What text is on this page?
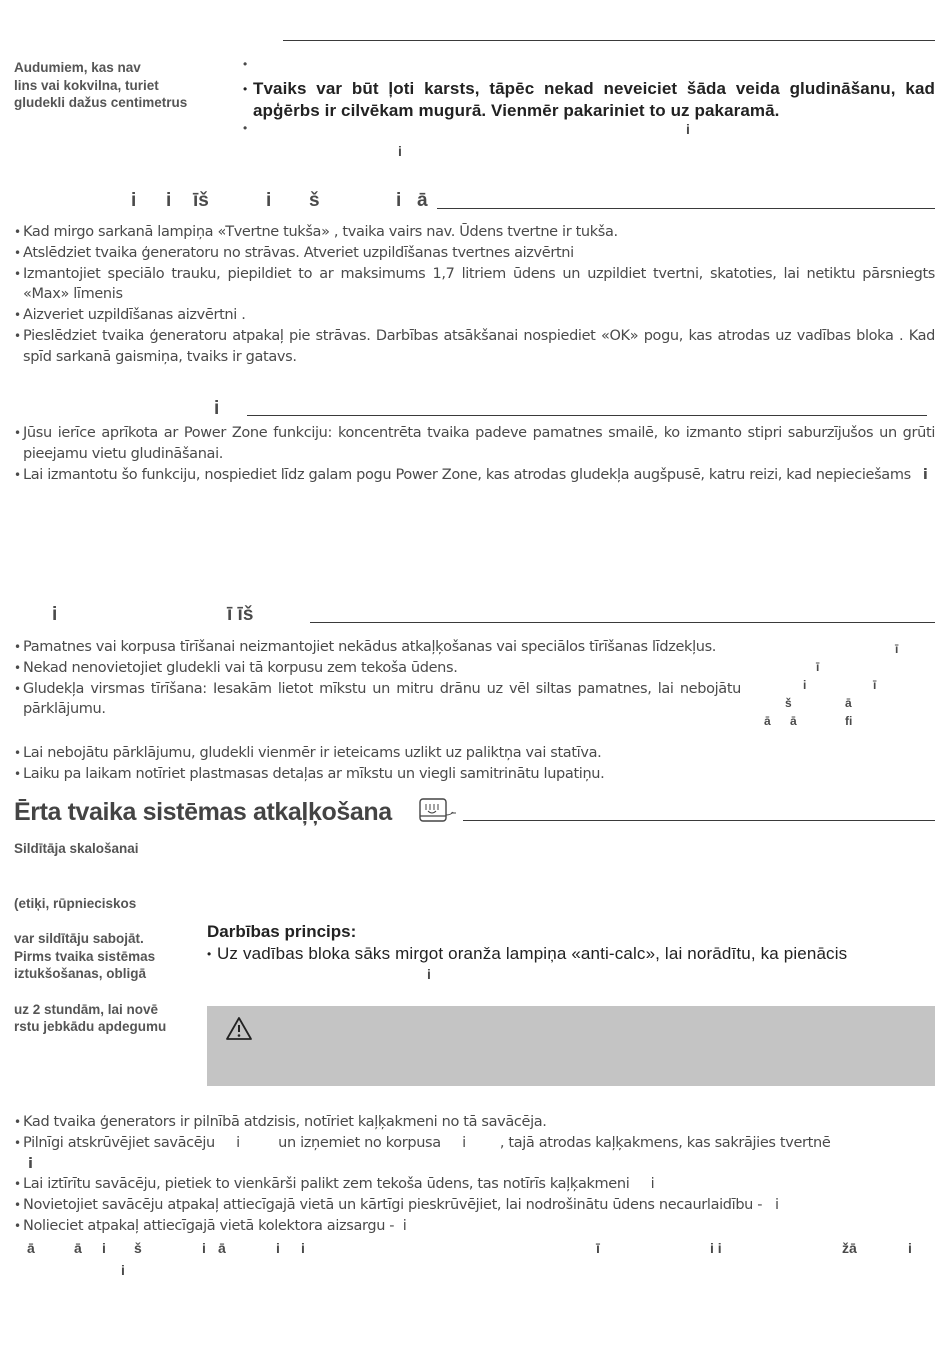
Audumiem, kas nav
lins vai kokvilna, turiet
gludekli dažus centimetrus
•
• Tvaiks var būt ļoti karsts, tāpēc nekad neveiciet šāda veida gludināšanu, kad apģērbs ir cilvēkam mugurā. Vienmēr pakariniet to uz pakaramā.
•	i
i
i i īš	i š	i ā
• Kad mirgo sarkanā lampiņa «Tvertne tukša» , tvaika vairs nav. Ūdens tvertne ir tukša.
• Atslēdziet tvaika ģeneratoru no strāvas. Atveriet uzpildīšanas tvertnes aizvērtni
• Izmantojiet speciālo trauku, piepildiet to ar maksimums 1,7 litriem ūdens un uzpildiet tvertni, skatoties, lai netiktu pārsniegts «Max» līmenis
• Aizveriet uzpildīšanas aizvērtni .
• Pieslēdziet tvaika ģeneratoru atpakaļ pie strāvas. Darbības atsākšanai nospiediet «OK» pogu, kas atrodas uz vadības bloka . Kad spīd sarkanā gaismiņa, tvaiks ir gatavs.
i
• Jūsu ierīce aprīkota ar Power Zone funkciju: koncentrēta tvaika padeve pamatnes smailē, ko izmanto stipri saburzījušos un grūti pieejamu vietu gludināšanai.
• Lai izmantotu šo funkciju, nospiediet līdz galam pogu Power Zone, kas atrodas gludekļa augšpusē, katru reizi, kad nepieciešams i
i	ī īš
• Pamatnes vai korpusa tīrīšanai neizmantojiet nekādus atkaļķošanas vai speciālos tīrīšanas līdzekļus.
• Nekad nenovietojiet gludekli vai tā korpusu zem tekoša ūdens.
• Gludekļa virsmas tīrīšana: Iesakām lietot mīkstu un mitru drānu uz vēl siltas pamatnes, lai nebojātu pārklājumu.
• Lai nebojātu pārklājumu, gludekli vienmēr ir ieteicams uzlikt uz paliktņa vai statīva.
• Laiku pa laikam notīriet plastmasas detaļas ar mīkstu un viegli samitrinātu lupatiņu.
ī
ī
i	ī
š	ā
ā ā	fi
Ērta tvaika sistēmas atkaļķošana
Sildītāja skalošanai
(etiķi, rūpnieciskos
var sildītāju sabojāt.
Pirms tvaika sistēmas
iztukšošanas, obligā
uz 2 stundām, lai novē
rstu jebkādu apdegumu
Darbības princips:
• Uz vadības bloka sāks mirgot oranža lampiņa «anti-calc», lai norādītu, ka pienācis
i
• Kad tvaika ģenerators ir pilnībā atdzisis, notīriet kaļķakmeni no tā savācēja.
• Pilnīgi atskrūvējiet savācēju     i         un izņemiet no korpusa     i        , tajā atrodas kaļķakmens, kas sakrājies tvertnē
i
• Lai iztīrītu savācēju, pietiek to vienkārši palikt zem tekoša ūdens, tas notīrīs kaļķakmeni     i
• Novietojiet savācēju atpakaļ attiecīgajā vietā un kārtīgi pieskrūvējiet, lai nodrošinātu ūdens necaurlaidību -   i
• Nolieciet atpakaļ attiecīgajā vietā kolektora aizsargu -  i
ā	ā i š	i ā	i i	ī	i i	žā	i
i
